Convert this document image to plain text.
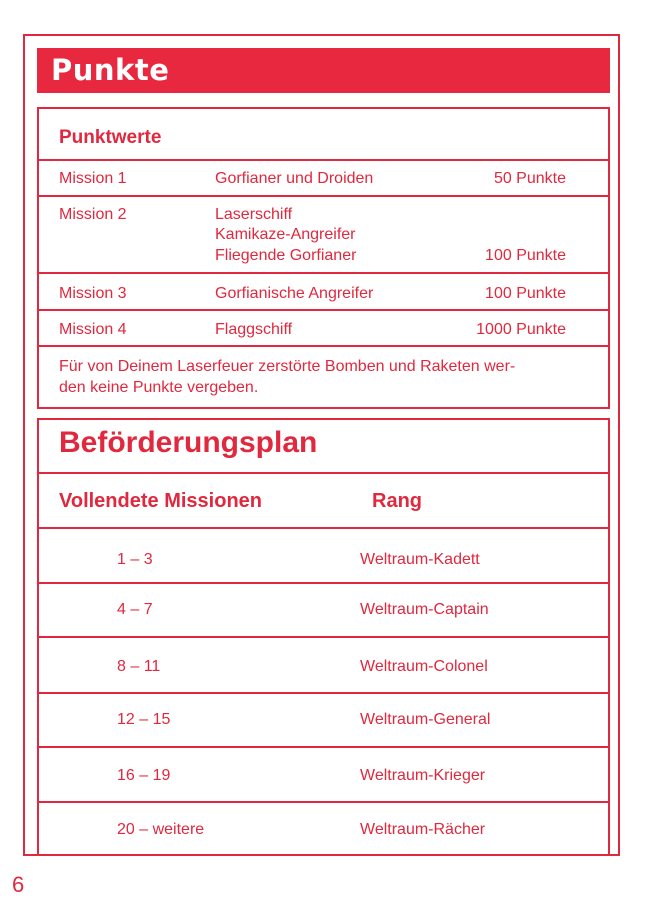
Punkte
Punktwerte
Mission 1	Gorfianer und Droiden	50 Punkte
Mission 2	Laserschiff
Kamikaze-Angreifer
Fliegende Gorfianer	100 Punkte
Mission 3	Gorfianische Angreifer	100 Punkte
Mission 4	Flaggschiff	1000 Punkte
Für von Deinem Laserfeuer zerstörte Bomben und Raketen wer-
den keine Punkte vergeben.
Beförderungsplan
Vollendete Missionen	Rang
1 – 3	Weltraum-Kadett
4 – 7	Weltraum-Captain
8 – 11	Weltraum-Colonel
12 – 15	Weltraum-General
16 – 19	Weltraum-Krieger
20 – weitere	Weltraum-Rächer
6
